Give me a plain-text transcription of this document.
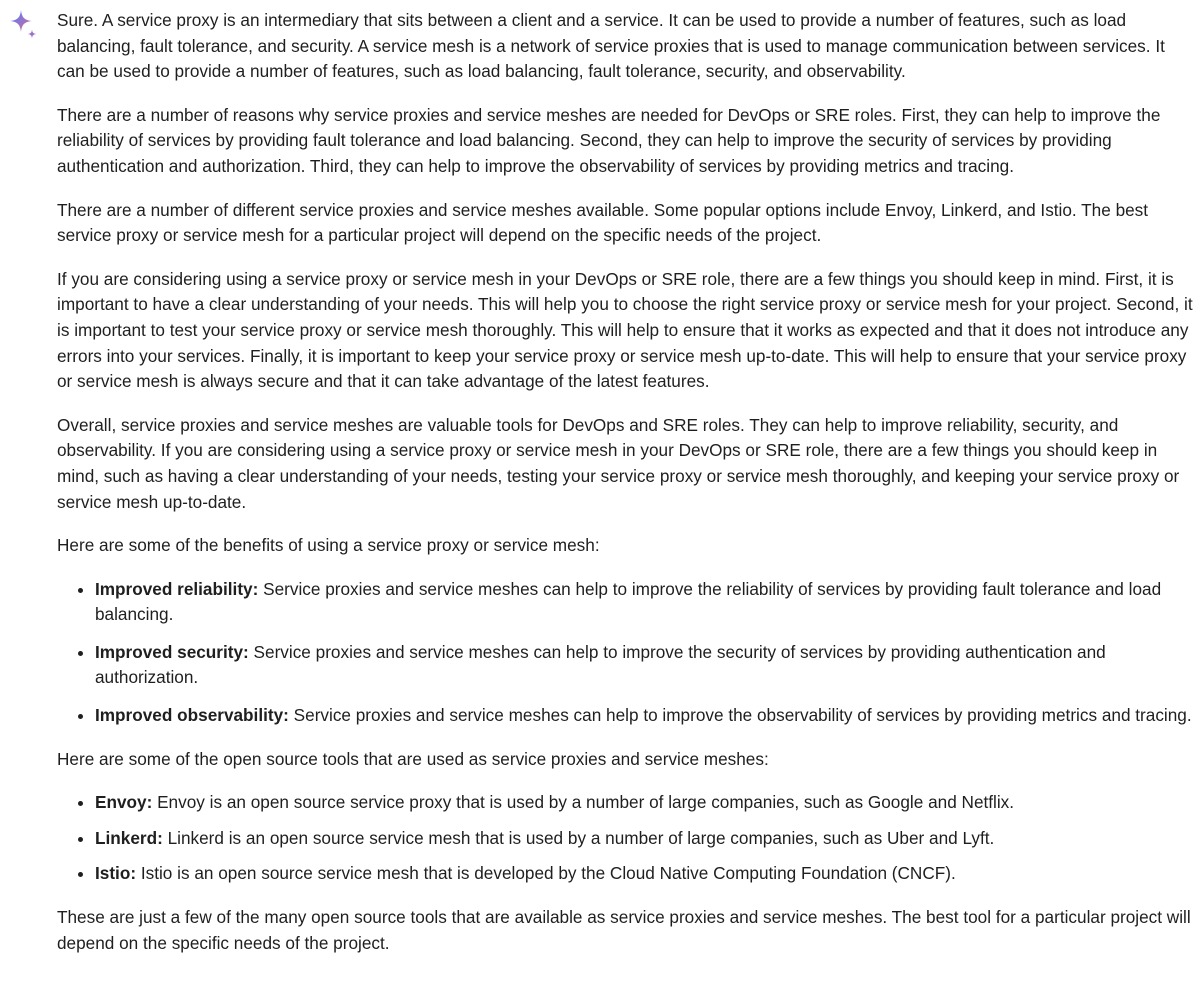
Sure. A service proxy is an intermediary that sits between a client and a service. It can be used to provide a number of features, such as load balancing, fault tolerance, and security. A service mesh is a network of service proxies that is used to manage communication between services. It can be used to provide a number of features, such as load balancing, fault tolerance, security, and observability.

There are a number of reasons why service proxies and service meshes are needed for DevOps or SRE roles. First, they can help to improve the reliability of services by providing fault tolerance and load balancing. Second, they can help to improve the security of services by providing authentication and authorization. Third, they can help to improve the observability of services by providing metrics and tracing.

There are a number of different service proxies and service meshes available. Some popular options include Envoy, Linkerd, and Istio. The best service proxy or service mesh for a particular project will depend on the specific needs of the project.

If you are considering using a service proxy or service mesh in your DevOps or SRE role, there are a few things you should keep in mind. First, it is important to have a clear understanding of your needs. This will help you to choose the right service proxy or service mesh for your project. Second, it is important to test your service proxy or service mesh thoroughly. This will help to ensure that it works as expected and that it does not introduce any errors into your services. Finally, it is important to keep your service proxy or service mesh up-to-date. This will help to ensure that your service proxy or service mesh is always secure and that it can take advantage of the latest features.

Overall, service proxies and service meshes are valuable tools for DevOps and SRE roles. They can help to improve reliability, security, and observability. If you are considering using a service proxy or service mesh in your DevOps or SRE role, there are a few things you should keep in mind, such as having a clear understanding of your needs, testing your service proxy or service mesh thoroughly, and keeping your service proxy or service mesh up-to-date.

Here are some of the benefits of using a service proxy or service mesh:

• Improved reliability: Service proxies and service meshes can help to improve the reliability of services by providing fault tolerance and load balancing.
• Improved security: Service proxies and service meshes can help to improve the security of services by providing authentication and authorization.
• Improved observability: Service proxies and service meshes can help to improve the observability of services by providing metrics and tracing.

Here are some of the open source tools that are used as service proxies and service meshes:

• Envoy: Envoy is an open source service proxy that is used by a number of large companies, such as Google and Netflix.
• Linkerd: Linkerd is an open source service mesh that is used by a number of large companies, such as Uber and Lyft.
• Istio: Istio is an open source service mesh that is developed by the Cloud Native Computing Foundation (CNCF).

These are just a few of the many open source tools that are available as service proxies and service meshes. The best tool for a particular project will depend on the specific needs of the project.
